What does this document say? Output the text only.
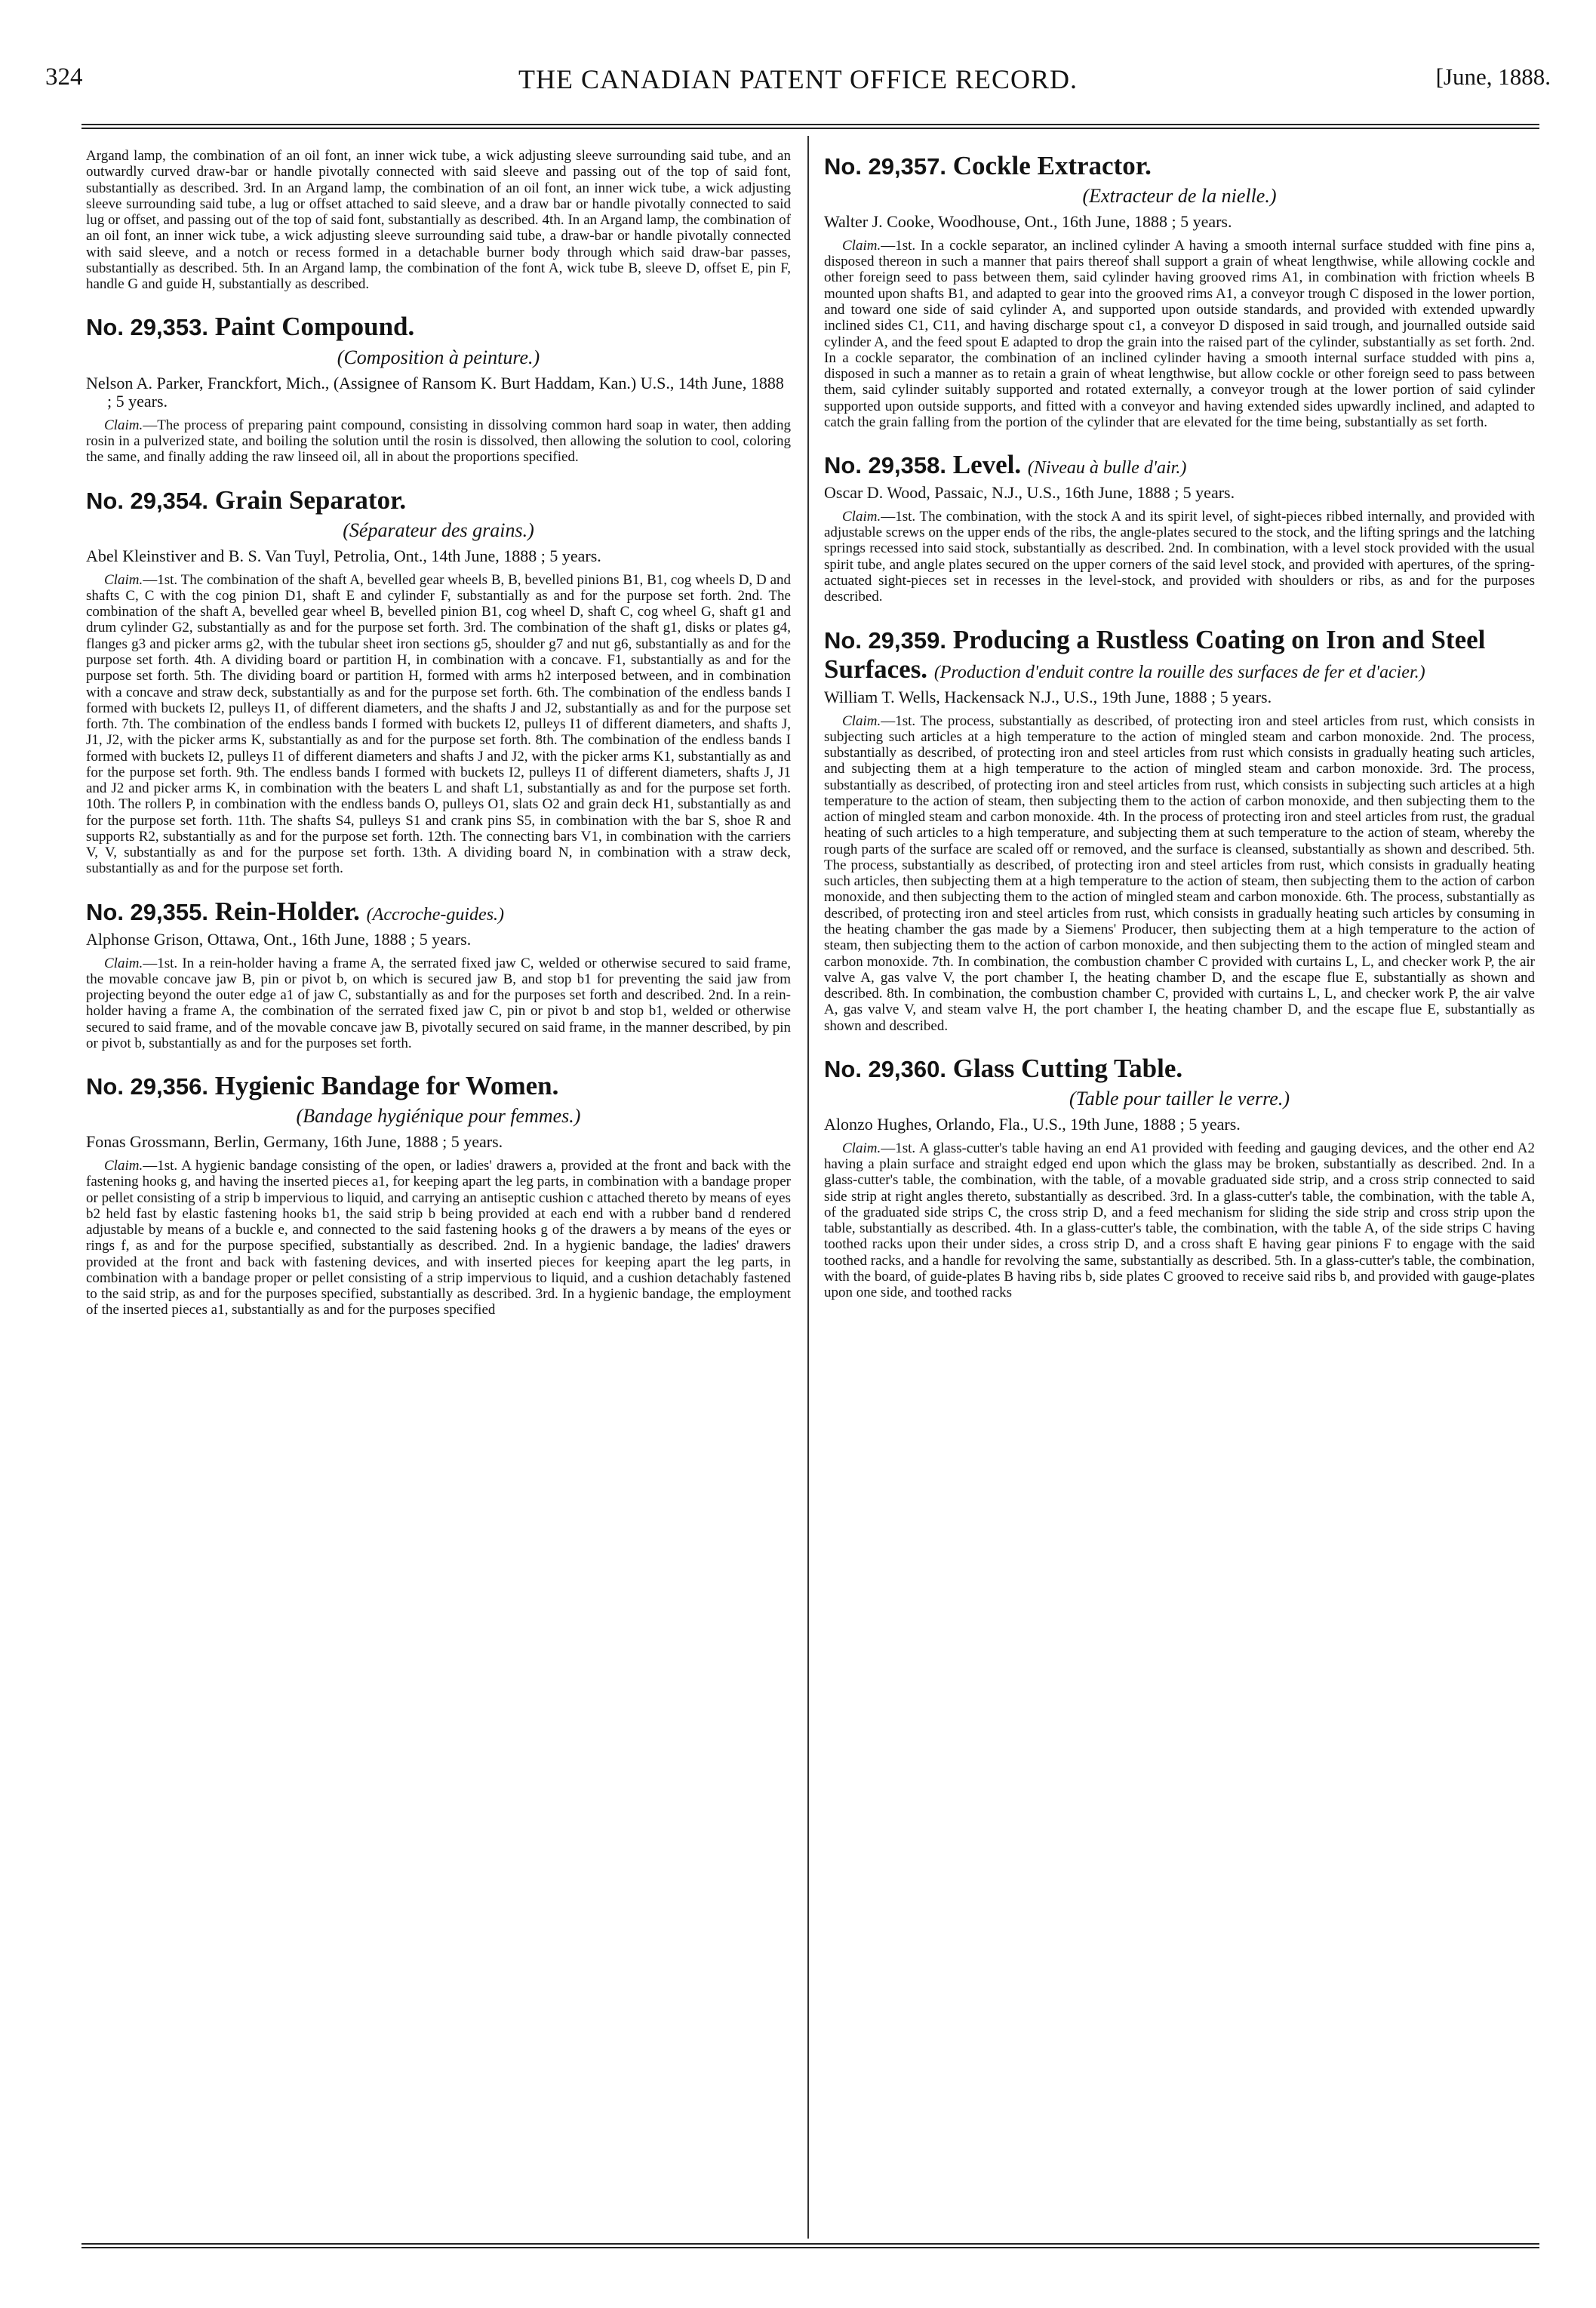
324	THE CANADIAN PATENT OFFICE RECORD.	[June, 1888.

Argand lamp, the combination of an oil font, an inner wick tube, a wick adjusting sleeve surrounding said tube, and an outwardly curved draw-bar or handle pivotally connected with said sleeve and passing out of the top of said font, substantially as described. 3rd. In an Argand lamp, the combination of an oil font, an inner wick tube, a wick adjusting sleeve surrounding said tube, a lug or offset attached to said sleeve, and a draw bar or handle pivotally connected to said lug or offset, and passing out of the top of said font, substantially as described. 4th. In an Argand lamp, the combination of an oil font, an inner wick tube, a wick adjusting sleeve surrounding said tube, a draw-bar or handle pivotally connected with said sleeve, and a notch or recess formed in a detachable burner body through which said draw-bar passes, substantially as described. 5th. In an Argand lamp, the combination of the font A, wick tube B, sleeve D, offset E, pin F, handle G and guide H, substantially as described.

No. 29,353. Paint Compound.
(Composition à peinture.)
Nelson A. Parker, Franckfort, Mich., (Assignee of Ransom K. Burt Haddam, Kan.) U.S., 14th June, 1888 ; 5 years.

Claim.—The process of preparing paint compound, consisting in dissolving common hard soap in water, then adding rosin in a pulverized state, and boiling the solution until the rosin is dissolved, then allowing the solution to cool, coloring the same, and finally adding the raw linseed oil, all in about the proportions specified.

No. 29,354. Grain Separator.
(Séparateur des grains.)
Abel Kleinstiver and B. S. Van Tuyl, Petrolia, Ont., 14th June, 1888 ; 5 years.

Claim.—1st. The combination of the shaft A, bevelled gear wheels B, B, bevelled pinions B1, B1, cog wheels D, D and shafts C, C with the cog pinion D1, shaft E and cylinder F, substantially as and for the purpose set forth. 2nd. The combination of the shaft A, bevelled gear wheel B, bevelled pinion B1, cog wheel D, shaft C, cog wheel G, shaft g1 and drum cylinder G2, substantially as and for the purpose set forth. 3rd. The combination of the shaft g1, disks or plates g4, flanges g3 and picker arms g2, with the tubular sheet iron sections g5, shoulder g7 and nut g6, substantially as and for the purpose set forth. 4th. A dividing board or partition H, in combination with a concave. F1, substantially as and for the purpose set forth. 5th. The dividing board or partition H, formed with arms h2 interposed between, and in combination with a concave and straw deck, substantially as and for the purpose set forth. 6th. The combination of the endless bands I formed with buckets I2, pulleys I1, of different diameters, and the shafts J and J2, substantially as and for the purpose set forth. 7th. The combination of the endless bands I formed with buckets I2, pulleys I1 of different diameters, and shafts J, J1, J2, with the picker arms K, substantially as and for the purpose set forth. 8th. The combination of the endless bands I formed with buckets I2, pulleys I1 of different diameters and shafts J and J2, with the picker arms K1, substantially as and for the purpose set forth. 9th. The endless bands I formed with buckets I2, pulleys I1 of different diameters, shafts J, J1 and J2 and picker arms K, in combination with the beaters L and shaft L1, substantially as and for the purpose set forth. 10th. The rollers P, in combination with the endless bands O, pulleys O1, slats O2 and grain deck H1, substantially as and for the purpose set forth. 11th. The shafts S4, pulleys S1 and crank pins S5, in combination with the bar S, shoe R and supports R2, substantially as and for the purpose set forth. 12th. The connecting bars V1, in combination with the carriers V, V, substantially as and for the purpose set forth. 13th. A dividing board N, in combination with a straw deck, substantially as and for the purpose set forth.

No. 29,355. Rein-Holder. (Accroche-guides.)
Alphonse Grison, Ottawa, Ont., 16th June, 1888 ; 5 years.

Claim.—1st. In a rein-holder having a frame A, the serrated fixed jaw C, welded or otherwise secured to said frame, the movable concave jaw B, pin or pivot b, on which is secured jaw B, and stop b1 for preventing the said jaw from projecting beyond the outer edge a1 of jaw C, substantially as and for the purposes set forth and described. 2nd. In a rein-holder having a frame A, the combination of the serrated fixed jaw C, pin or pivot b and stop b1, welded or otherwise secured to said frame, and of the movable concave jaw B, pivotally secured on said frame, in the manner described, by pin or pivot b, substantially as and for the purposes set forth.

No. 29,356. Hygienic Bandage for Women.
(Bandage hygiénique pour femmes.)
Fonas Grossmann, Berlin, Germany, 16th June, 1888 ; 5 years.

Claim.—1st. A hygienic bandage consisting of the open, or ladies' drawers a, provided at the front and back with the fastening hooks g, and having the inserted pieces a1, for keeping apart the leg parts, in combination with a bandage proper or pellet consisting of a strip b impervious to liquid, and carrying an antiseptic cushion c attached thereto by means of eyes b2 held fast by elastic fastening hooks b1, the said strip b being provided at each end with a rubber band d rendered adjustable by means of a buckle e, and connected to the said fastening hooks g of the drawers a by means of the eyes or rings f, as and for the purpose specified, substantially as described. 2nd. In a hygienic bandage, the ladies' drawers provided at the front and back with fastening devices, and with inserted pieces for keeping apart the leg parts, in combination with a bandage proper or pellet consisting of a strip impervious to liquid, and a cushion detachably fastened to the said strip, as and for the purposes specified, substantially as described. 3rd. In a hygienic bandage, the employment of the inserted pieces a1, substantially as and for the purposes specified

No. 29,357. Cockle Extractor.
(Extracteur de la nielle.)
Walter J. Cooke, Woodhouse, Ont., 16th June, 1888 ; 5 years.

Claim.—1st. In a cockle separator, an inclined cylinder A having a smooth internal surface studded with fine pins a, disposed thereon in such a manner that pairs thereof shall support a grain of wheat lengthwise, while allowing cockle and other foreign seed to pass between them, said cylinder having grooved rims A1, in combination with friction wheels B mounted upon shafts B1, and adapted to gear into the grooved rims A1, a conveyor trough C disposed in the lower portion, and toward one side of said cylinder A, and supported upon outside standards, and provided with extended upwardly inclined sides C1, C11, and having discharge spout c1, a conveyor D disposed in said trough, and journalled outside said cylinder A, and the feed spout E adapted to drop the grain into the raised part of the cylinder, substantially as set forth. 2nd. In a cockle separator, the combination of an inclined cylinder having a smooth internal surface studded with pins a, disposed in such a manner as to retain a grain of wheat lengthwise, but allow cockle or other foreign seed to pass between them, said cylinder suitably supported and rotated externally, a conveyor trough at the lower portion of said cylinder supported upon outside supports, and fitted with a conveyor and having extended sides upwardly inclined, and adapted to catch the grain falling from the portion of the cylinder that are elevated for the time being, substantially as set forth.

No. 29,358. Level. (Niveau à bulle d'air.)
Oscar D. Wood, Passaic, N.J., U.S., 16th June, 1888 ; 5 years.

Claim.—1st. The combination, with the stock A and its spirit level, of sight-pieces ribbed internally, and provided with adjustable screws on the upper ends of the ribs, the angle-plates secured to the stock, and the lifting springs and the latching springs recessed into said stock, substantially as described. 2nd. In combination, with a level stock provided with the usual spirit tube, and angle plates secured on the upper corners of the said level stock, and provided with apertures, of the spring-actuated sight-pieces set in recesses in the level-stock, and provided with shoulders or ribs, as and for the purposes described.

No. 29,359. Producing a Rustless Coating on Iron and Steel Surfaces. (Production d'enduit contre la rouille des surfaces de fer et d'acier.)
William T. Wells, Hackensack N.J., U.S., 19th June, 1888 ; 5 years.

Claim.—1st. The process, substantially as described, of protecting iron and steel articles from rust, which consists in subjecting such articles at a high temperature to the action of mingled steam and carbon monoxide. 2nd. The process, substantially as described, of protecting iron and steel articles from rust which consists in gradually heating such articles, and subjecting them at a high temperature to the action of mingled steam and carbon monoxide. 3rd. The process, substantially as described, of protecting iron and steel articles from rust, which consists in subjecting such articles at a high temperature to the action of steam, then subjecting them to the action of carbon monoxide, and then subjecting them to the action of mingled steam and carbon monoxide. 4th. In the process of protecting iron and steel articles from rust, the gradual heating of such articles to a high temperature, and subjecting them at such temperature to the action of steam, whereby the rough parts of the surface are scaled off or removed, and the surface is cleansed, substantially as shown and described. 5th. The process, substantially as described, of protecting iron and steel articles from rust, which consists in gradually heating such articles, then subjecting them at a high temperature to the action of steam, then subjecting them to the action of carbon monoxide, and then subjecting them to the action of mingled steam and carbon monoxide. 6th. The process, substantially as described, of protecting iron and steel articles from rust, which consists in gradually heating such articles by consuming in the heating chamber the gas made by a Siemens' Producer, then subjecting them at a high temperature to the action of steam, then subjecting them to the action of carbon monoxide, and then subjecting them to the action of mingled steam and carbon monoxide. 7th. In combination, the combustion chamber C provided with curtains L, L, and checker work P, the air valve A, gas valve V, the port chamber I, the heating chamber D, and the escape flue E, substantially as shown and described. 8th. In combination, the combustion chamber C, provided with curtains L, L, and checker work P, the air valve A, gas valve V, and steam valve H, the port chamber I, the heating chamber D, and the escape flue E, substantially as shown and described.

No. 29,360. Glass Cutting Table.
(Table pour tailler le verre.)
Alonzo Hughes, Orlando, Fla., U.S., 19th June, 1888 ; 5 years.

Claim.—1st. A glass-cutter's table having an end A1 provided with feeding and gauging devices, and the other end A2 having a plain surface and straight edged end upon which the glass may be broken, substantially as described. 2nd. In a glass-cutter's table, the combination, with the table, of a movable graduated side strip, and a cross strip connected to said side strip at right angles thereto, substantially as described. 3rd. In a glass-cutter's table, the combination, with the table A, of the graduated side strips C, the cross strip D, and a feed mechanism for sliding the side strip and cross strip upon the table, substantially as described. 4th. In a glass-cutter's table, the combination, with the table A, of the side strips C having toothed racks upon their under sides, a cross strip D, and a cross shaft E having gear pinions F to engage with the said toothed racks, and a handle for revolving the same, substantially as described. 5th. In a glass-cutter's table, the combination, with the board, of guide-plates B having ribs b, side plates C grooved to receive said ribs b, and provided with gauge-plates upon one side, and toothed racks
